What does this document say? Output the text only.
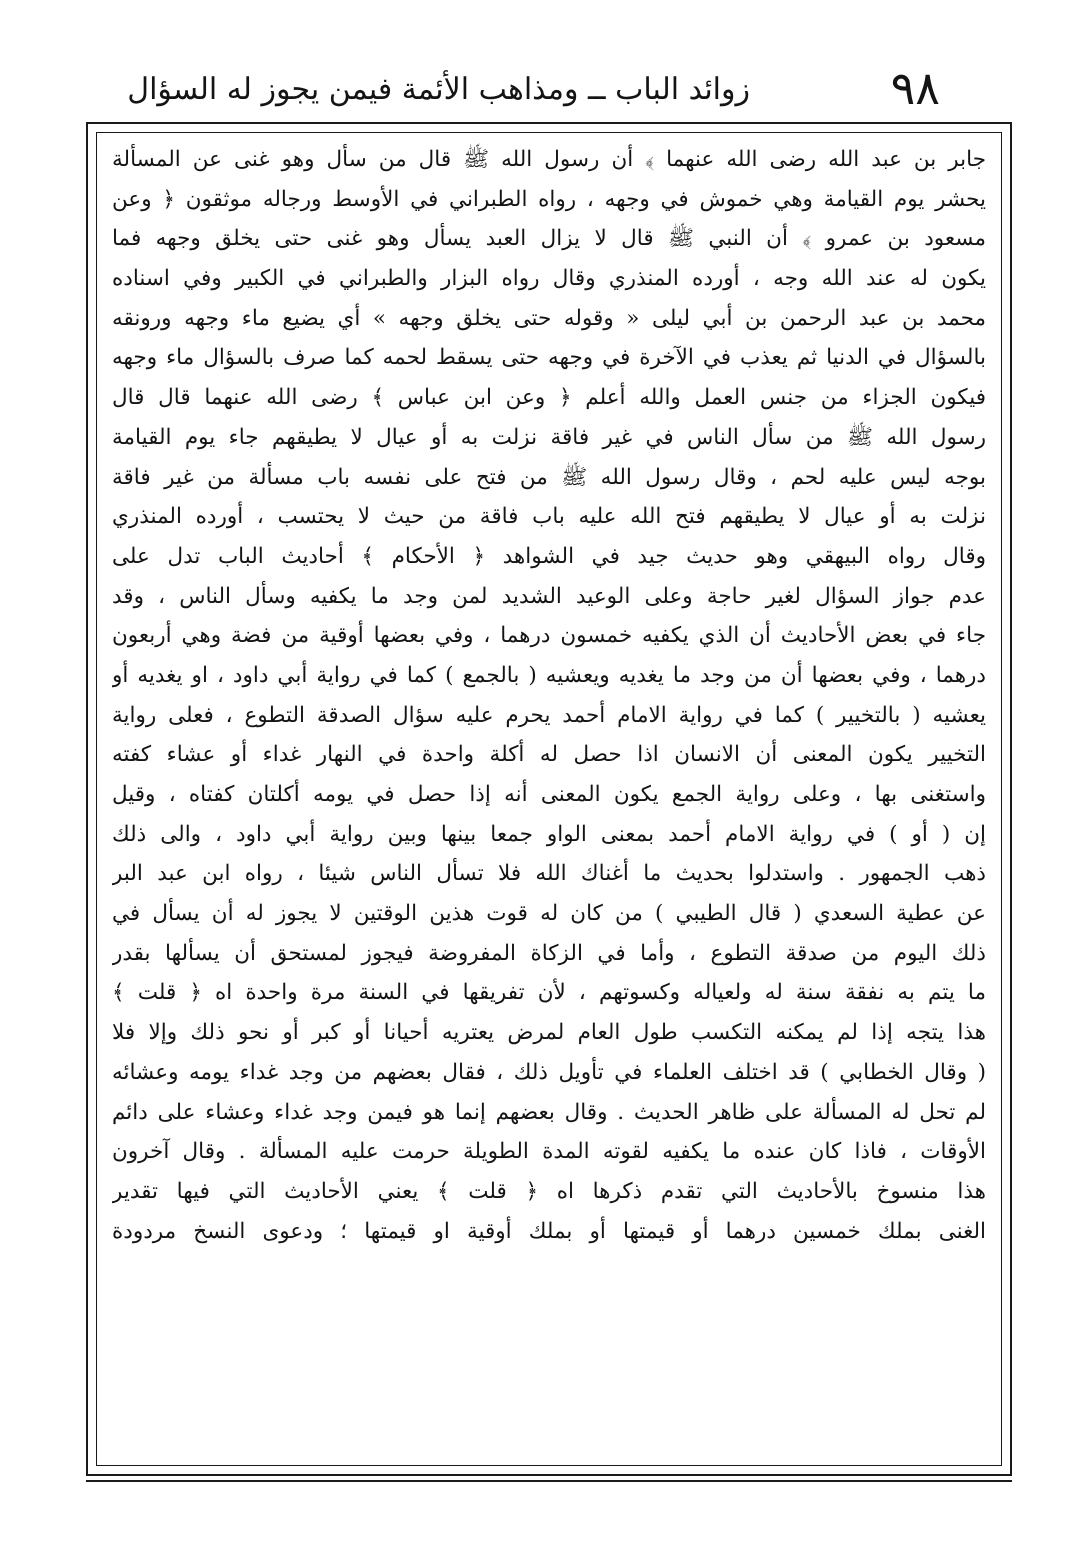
٩٨
زوائد الباب ــ ومذاهب الأئمة فيمن يجوز له السؤال
جابر بن عبد الله رضى الله عنهما ﴾ أن رسول الله ﷺ قال من سأل وهو غنى عن المسألة
يحشر يوم القيامة وهي خموش في وجهه ، رواه الطبراني في الأوسط ورجاله موثقون ﴿ وعن
مسعود بن عمرو ﴾ أن النبي ﷺ قال لا يزال العبد يسأل وهو غنى حتى يخلق وجهه فما
يكون له عند الله وجه ، أورده المنذري وقال رواه البزار والطبراني في الكبير وفي اسناده
محمد بن عبد الرحمن بن أبي ليلى « وقوله حتى يخلق وجهه » أي يضيع ماء وجهه ورونقه
بالسؤال في الدنيا ثم يعذب في الآخرة في وجهه حتى يسقط لحمه كما صرف بالسؤال ماء وجهه
فيكون الجزاء من جنس العمل والله أعلم ﴿ وعن ابن عباس ﴾ رضى الله عنهما قال قال
رسول الله ﷺ من سأل الناس في غير فاقة نزلت به أو عيال لا يطيقهم جاء يوم القيامة
بوجه ليس عليه لحم ، وقال رسول الله ﷺ من فتح على نفسه باب مسألة من غير فاقة
نزلت به أو عيال لا يطيقهم فتح الله عليه باب فاقة من حيث لا يحتسب ، أورده المنذري
وقال رواه البيهقي وهو حديث جيد في الشواهد ﴿ الأحكام ﴾ أحاديث الباب تدل على
عدم جواز السؤال لغير حاجة وعلى الوعيد الشديد لمن وجد ما يكفيه وسأل الناس ، وقد
جاء في بعض الأحاديث أن الذي يكفيه خمسون درهما ، وفي بعضها أوقية من فضة وهي أربعون
درهما ، وفي بعضها أن من وجد ما يغديه ويعشيه ( بالجمع ) كما في رواية أبي داود ، او يغديه أو
يعشيه ( بالتخيير ) كما في رواية الامام أحمد يحرم عليه سؤال الصدقة التطوع ، فعلى رواية
التخيير يكون المعنى أن الانسان اذا حصل له أكلة واحدة في النهار غداء أو عشاء كفته
واستغنى بها ، وعلى رواية الجمع يكون المعنى أنه إذا حصل في يومه أكلتان كفتاه ، وقيل
إن ( أو ) في رواية الامام أحمد بمعنى الواو جمعا بينها وبين رواية أبي داود ، والى ذلك
ذهب الجمهور . واستدلوا بحديث ما أغناك الله فلا تسأل الناس شيئا ، رواه ابن عبد البر
عن عطية السعدي ( قال الطيبي ) من كان له قوت هذين الوقتين لا يجوز له أن يسأل في
ذلك اليوم من صدقة التطوع ، وأما في الزكاة المفروضة فيجوز لمستحق أن يسألها بقدر
ما يتم به نفقة سنة له ولعياله وكسوتهم ، لأن تفريقها في السنة مرة واحدة اه ﴿ قلت ﴾
هذا يتجه إذا لم يمكنه التكسب طول العام لمرض يعتريه أحيانا أو كبر أو نحو ذلك وإلا فلا
( وقال الخطابي ) قد اختلف العلماء في تأويل ذلك ، فقال بعضهم من وجد غداء يومه وعشائه
لم تحل له المسألة على ظاهر الحديث . وقال بعضهم إنما هو فيمن وجد غداء وعشاء على دائم
الأوقات ، فاذا كان عنده ما يكفيه لقوته المدة الطويلة حرمت عليه المسألة . وقال آخرون
هذا منسوخ بالأحاديث التي تقدم ذكرها اه ﴿ قلت ﴾ يعني الأحاديث التي فيها تقدير
الغنى بملك خمسين درهما أو قيمتها أو بملك أوقية او قيمتها ؛ ودعوى النسخ مردودة
